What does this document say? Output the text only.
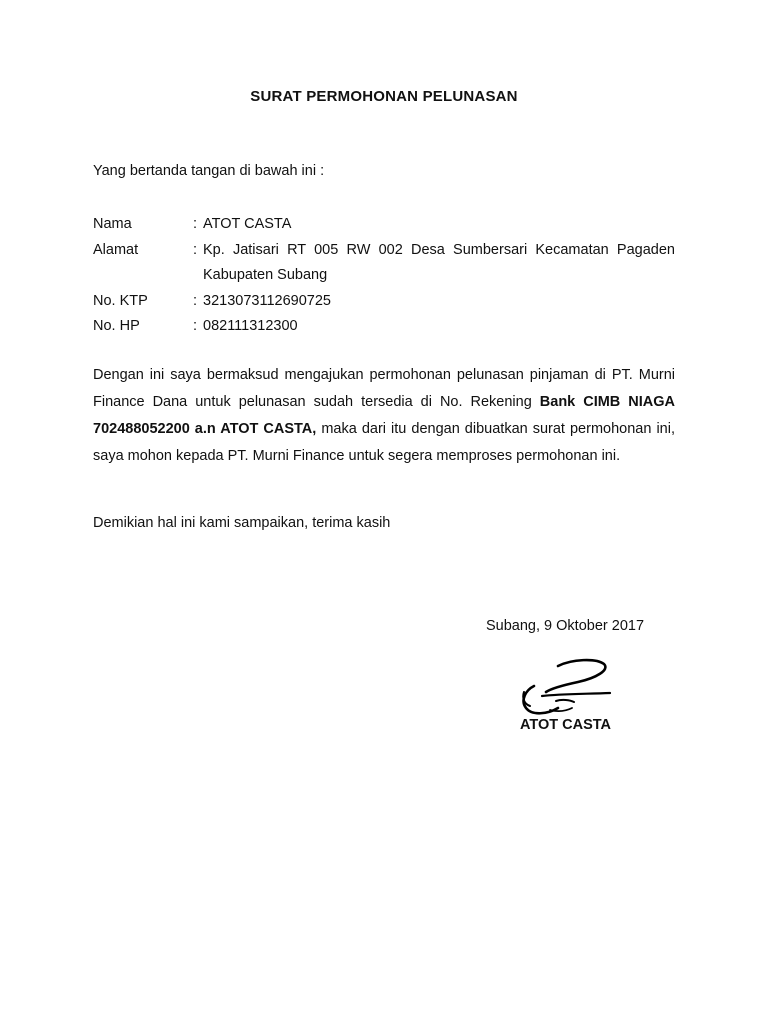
SURAT PERMOHONAN PELUNASAN
Yang bertanda tangan di bawah ini :
Nama	: ATOT CASTA
Alamat	: Kp. Jatisari RT 005 RW 002 Desa Sumbersari Kecamatan Pagaden
Kabupaten Subang
No. KTP	: 3213073112690725
No. HP	: 082111312300
Dengan ini saya bermaksud mengajukan permohonan pelunasan pinjaman di PT. Murni Finance Dana untuk pelunasan sudah tersedia di No. Rekening Bank CIMB NIAGA 702488052200 a.n ATOT CASTA, maka dari itu dengan dibuatkan surat permohonan ini, saya mohon kepada PT. Murni Finance untuk segera memproses permohonan ini.
Demikian hal ini kami sampaikan, terima kasih
Subang, 9 Oktober 2017
ATOT CASTA
